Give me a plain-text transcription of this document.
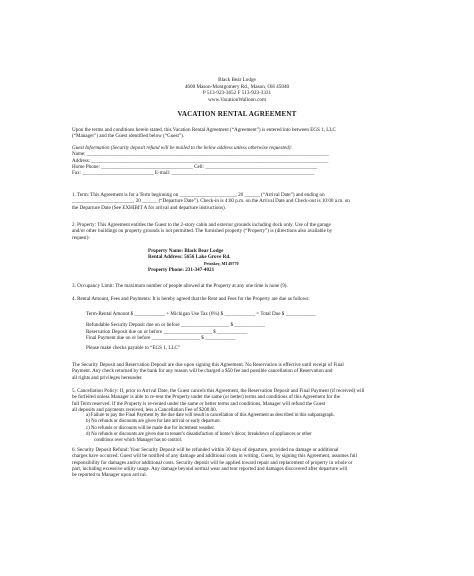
Black Bear Lodge
4600 Mason-Montgomery Rd., Mason, OH 45040
P 513-923-3652 F 513-923-3331
www.VacationWalloon.com
VACATION RENTAL AGREEMENT

Upon the terms and conditions herein stated, this Vacation Rental Agreement (“Agreement”) is entered into between EGS 1, LLC

(“Manager”) and the Guest identified below (“Guest”).

Guest Information (Security deposit refund will be mailed to the below address unless otherwise requested):

Name: _______________________________________________________________________________________________

Address: _____________________________________________________________________________________________

Home Phone: ____________________________________ Cell: ____________________________________________

Fax: ____________________________ E-mail: ________________________________________________________

1. Term: This Agreement is for a Term beginning on ______________________, 20 ______ (“Arrival Date”) and ending on

________________________, 20 ______ (“Departure Date”). Check-in is 4:00 p.m. on the Arrival Date and Check-out is 10:00 a.m. on

the Departure Date (See EXHIBIT A for arrival and departure instructions).

2. Property: This Agreement entitles the Guest to the 2-story cabin and exterior grounds including dock only. Use of the garage

and/or other buildings on property grounds is not permitted. The furnished property (“Property”) is (directions also available by

request):

Property Name: Black Bear Lodge

Rental Address: 5656 Lake Grove Rd.

Petoskey, MI 49770

Property Phone: 231-347-4021

3. Occupancy Limit: The maximum number of people allowed at the Property at any one time is none (9).

4. Rental Amount, Fees and Payments: It is hereby agreed that the Rent and Fees for the Property are due as follows:

Term-Rental Amount $ ____________ + Michigan Use Tax (6%) $ ____________ = Total Due $ ____________

Refundable Security Deposit due on or before ___________________ $ ____________

Reservation Deposit due on or before ___________________ $ ____________

Final Payment due on or before ___________________ $ ____________

Please make checks payable to “EGS 1, LLC”

The Security Deposit and Reservation Deposit are due upon signing this Agreement. No Reservation is effective until receipt of Final

Payment. Any check returned by the bank for any reason will be charged a $50 fee and possible cancellation of Reservation and

all rights and privileges hereunder.

5. Cancellation Policy: If, prior to Arrival Date, the Guest cancels this Agreement, the Reservation Deposit and Final Payment (if received) will

be forfeited unless Manager is able to re-rent the Property under the same (or better) terms and conditions of this Agreement for the

full Term reserved. If the Property is re-rented under the same or better terms and conditions, Manager will refund the Guest

all deposits and payments received, less a Cancellation Fee of $200.00.

a) Failure to pay the Final Payment by the due date will result in cancellation of this Agreement as described in this subparagraph.

b) No refunds or discounts are given for late arrival or early departure.

c) No refunds or discounts will be made due for inclement weather.

d) No refunds or discounts are given due to tenant’s dissatisfaction of home’s décor, breakdown of appliances or other

conditions over which Manager has no control.

6. Security Deposit Refund: Your Security Deposit will be refunded within 30 days of departure, provided no damage or additional

charges have occurred. Guest will be notified of any damage and additional costs in writing. Guest, by signing this Agreement, assumes full

responsibility for damages and/or additional costs. Security deposit will be applied toward repair and replacement of property in whole or

part, including excessive utility usage. Any damage beyond normal wear and tear reported and damages discovered after departure will

be reported to Manager upon arrival.
